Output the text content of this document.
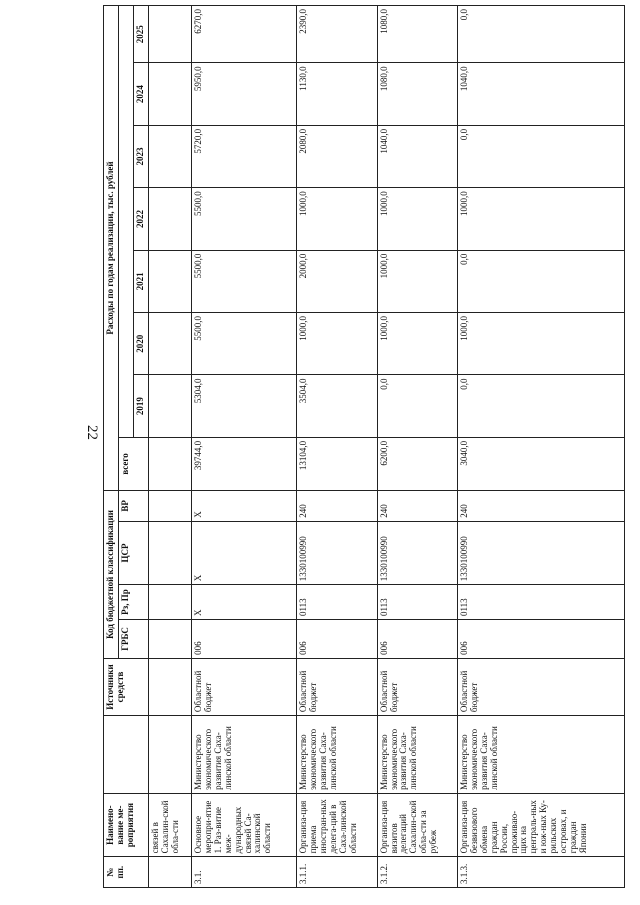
22
№ пп.	Наимено-вание ме-роприятия		Источники средств	Код бюджетной классификации				Расходы по годам реализации, тыс. рублей							
				ГРБС	Рз, Пр	ЦСР	ВР	всего							
									2019	2020	2021	2022	2023	2024	2025
	связей в Сахалин-ской обла-сти														
3.1.	Основное меропри-ятие 1. Раз-витие меж-дународных связей Са-халинской области	Министерство экономического развития Саха-линской области	Областной бюджет	006	X	X	X	39744,0	5304,0	5500,0	5500,0	5500,0	5720,0	5950,0	6270,0
3.1.1.	Организа-ция приема иностран-ных делега-ций в Саха-линской области	Министерство экономического развития Саха-линской области	Областной бюджет	006	0113	1330100990	240	13104,0	3504,0	1000,0	2000,0	1000,0	2080,0	1130,0	2390,0
3.1.2.	Организа-ция визитов делегаций Сахалин-ской обла-сти за рубеж	Министерство экономического развития Саха-линской области	Областной бюджет	006	0113	1330100990	240	6200,0	0,0	1000,0	1000,0	1000,0	1040,0	1080,0	1080,0
3.1.3.	Организа-ция безвизового обмена граждан России, проживаю-щих на централь-ных и юж-ных Ку-рильских островах, и граждан Японии	Министерство экономического развития Саха-линской области	Областной бюджет	006	0113	1330100990	240	3040,0	0,0	1000,0	0,0	1000,0	0,0	1040,0	0,0
